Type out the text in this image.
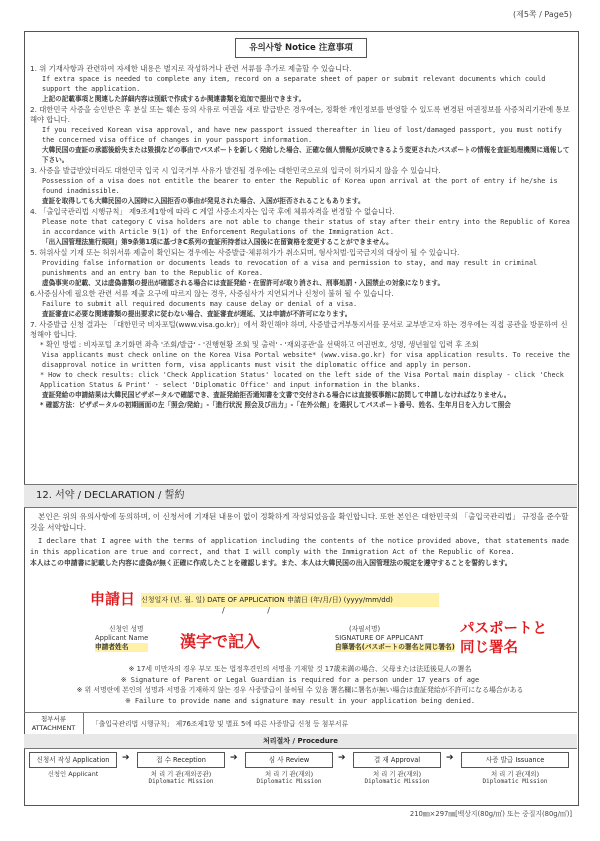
(제5쪽 / Page5)
유의사항 Notice 注意事項
1. 위 기재사항과 관련하여 자세한 내용은 별지로 작성하거나 관련 서류를 추가로 제출할 수 있습니다.
If extra space is needed to complete any item, record on a separate sheet of paper or submit relevant documents which could support the application.
上記の記載事項と関連した詳細内容は別紙で作成するか関連書類を追加で提出できます。
2. 대한민국 사증을 승인받은 후 분실 또는 훼손 등의 사유로 여권을 새로 발급받은 경우에는, 정확한 개인정보를 반영할 수 있도록 변경된 여권정보를 사증처리기관에 통보해야 합니다.
If you received Korean visa approval, and have new passport issued thereafter in lieu of lost/damaged passport, you must notify the concerned visa office of changes in your passport information.
大韓民国の査証の承認後紛失または毀損などの事由でパスポートを新しく発給した場合、正確な個人情報が反映できるよう変更されたパスポートの情報を査証処理機関に通報して下さい。
3. 사증을 발급받았더라도 대한민국 입국 시 입국거부 사유가 발견될 경우에는 대한민국으로의 입국이 허가되지 않을 수 있습니다.
Possession of a visa does not entitle the bearer to enter the Republic of Korea upon arrival at the port of entry if he/she is found inadmissible.
査証を取得しても大韓民国の入国時に入国拒否の事由が発見された場合、入国が拒否されることもあります。
4. 「출입국관리법 시행규칙」 제9조제1항에 따라 C 계열 사증소지자는 입국 후에 체류자격을 변경할 수 없습니다.
Please note that category C visa holders are not able to change their status of stay after their entry into the Republic of Korea in accordance with Article 9(1) of the Enforcement Regulations of the Immigration Act.
「出入国管理法施行規則」第9条第1項に基づきC系列の査証所持者は入国後に在留資格を変更することができません。
5. 허위사실 기재 또는 허위서류 제출이 확인되는 경우에는 사증발급·체류허가가 취소되며, 형사처벌·입국금지의 대상이 될 수 있습니다.
Providing false information or documents leads to revocation of a visa and permission to stay, and may result in criminal punishments and an entry ban to the Republic of Korea.
虚偽事実の記載、又は虚偽書類の提出が確認される場合には査証発給・在留許可が取り消され、刑事処罰・入国禁止の対象になります。
6.사증심사에 필요한 관련 서류 제출 요구에 따르지 않는 경우, 사증심사가 지연되거나 신청이 불허 될 수 있습니다.
Failure to submit all required documents may cause delay or denial of a visa.
査証審査に必要な関連書類の提出要求に従わない場合、査証審査が遅延、又は申請が不許可になります。
7. 사증발급 신청 결과는 「대한민국 비자포털(www.visa.go.kr)」에서 확인해야 하며, 사증발급거부통지서를 문서로 교부받고자 하는 경우에는 직접 공관을 방문하여 신청해야 합니다.
* 확인 방법 : 비자포털 초기화면 좌측 '조회/발급' - '진행현황 조회 및 출력' - '재외공관'을 선택하고 여권번호, 성명, 생년월일 입력 후 조회
Visa applicants must check online on the Korea Visa Portal website* (www.visa.go.kr) for visa application results. To receive the disapproval notice in written form, visa applicants must visit the diplomatic office and apply in person.
* How to check results: click 'Check Application Status' located on the left side of the Visa Portal main display - click 'Check Application Status & Print' - select 'Diplomatic Office' and input information in the blanks.
査証発給の申請結果は大韓民国ビザポータルで確認でき、査証発給拒否通知書を文書で交付される場合には直接領事館に訪問して申請しなければなりません。
* 確認方法：ビザポータルの初期画面の左「照会/発給」-「進行状況 照会及び出力」-「在外公館」を選択してパスポート番号、姓名、生年月日を入力して照会
12. 서약 / DECLARATION / 誓約
본인은 위의 유의사항에 동의하며, 이 신청서에 기재된 내용이 없이 정확하게 작성되었음을 확인합니다. 또한 본인은 대한민국의 「출입국관리법」 규정을 준수할 것을 서약합니다.
I declare that I agree with the terms of application including the contents of the notice provided above, that statements made in this application are true and correct, and that I will comply with the Immigration Act of the Republic of Korea.
本人はこの申請書に記載した内容に虚偽が無く正確に作成したことを確認します。また、本人は大韓民国の出入国管理法の規定を遵守することを誓約します。
申請日 신청일자 (년. 월. 일) DATE OF APPLICATION 申請日 (年/月/日) (yyyy/mm/dd)
/ /
신청인 성명
Applicant Name
申請者姓名	漢字で記入
(자필서명)
SIGNATURE OF APPLICANT
自筆署名(パスポートの署名と同じ署名)
パスポートと
同じ署名
※ 17세 미만자의 경우 부모 또는 법정후견인의 서명을 기재할 것 17歳未満の場合、父母または法廷後見人の署名
※ Signature of Parent or Legal Guardian is required for a person under 17 years of age
※ 위 서명란에 본인의 성명과 서명을 기재하지 않는 경우 사증발급이 불허될 수 있음 署名欄に署名が無い場合は査証発給が不許可になる場合がある
※ Failure to provide name and signature may result in your application being denied.
첨부서류
ATTACHMENT	「출입국관리법 시행규칙」 제76조제1항 및 별표 5에 따른 사증발급 신청 등 첨부서류
처리절차 / Procedure
신청서 작성 Application	➔	접 수 Reception	➔	심 사 Review	➔	결 재 Approval	➔	사증 발급 Issuance
신청인 Applicant	처 리 기 관(재외공관)
Diplomatic Mission
처 리 기 관(재외)
Diplomatic Mission
처 리 기 관(재외)
Diplomatic Mission
처 리 기 관(재외)
Diplomatic Mission
210㎜×297㎜[백상지(80g/㎡) 또는 중질지(80g/㎡)]
